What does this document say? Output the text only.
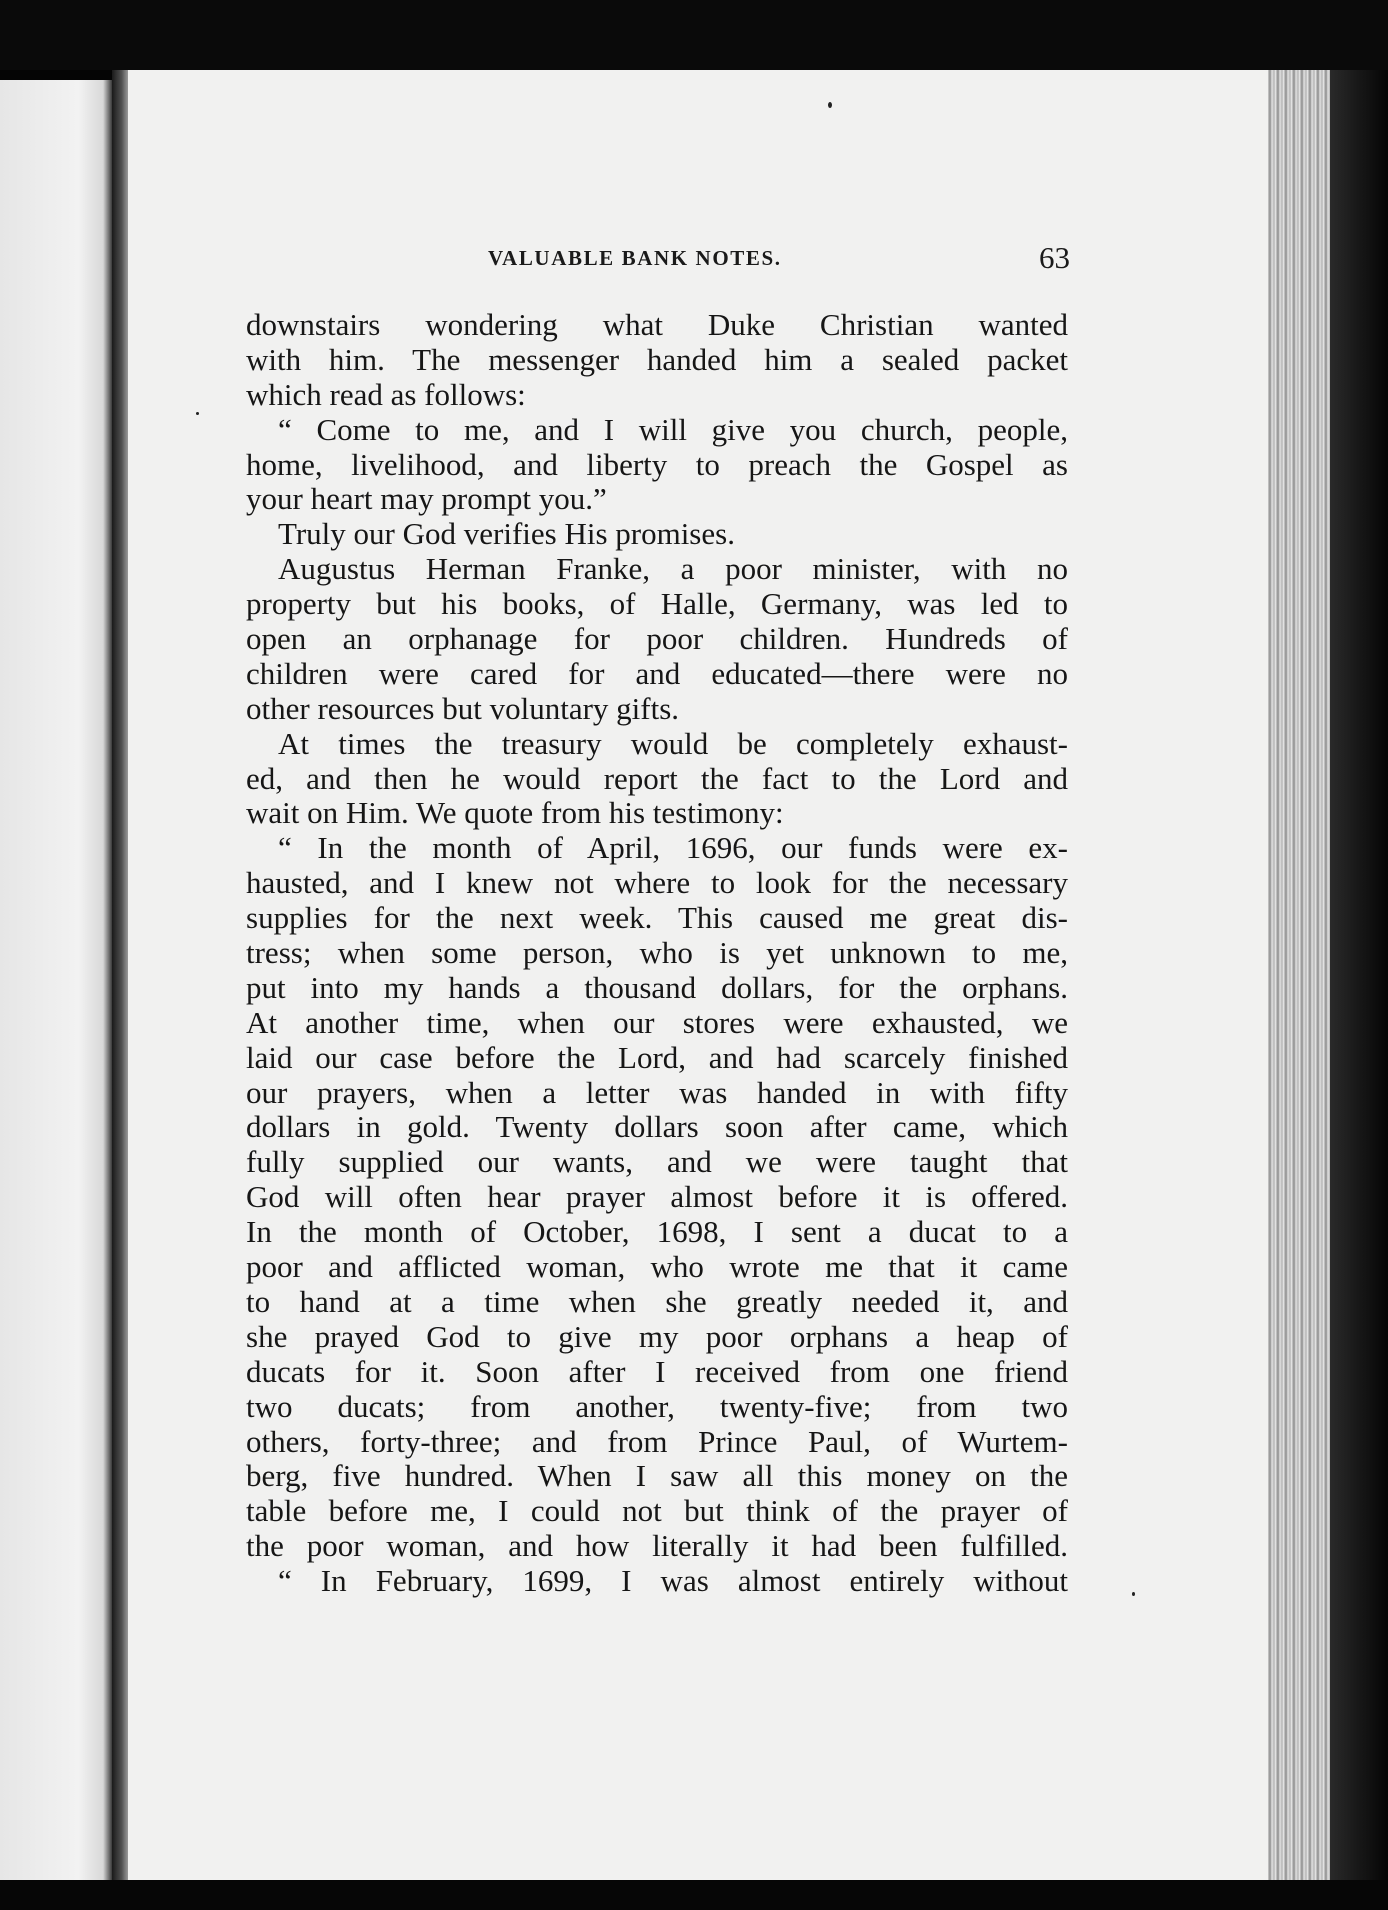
VALUABLE BANK NOTES.	63
downstairs wondering what Duke Christian wanted
with him. The messenger handed him a sealed packet
which read as follows:
“ Come to me, and I will give you church, people,
home, livelihood, and liberty to preach the Gospel as
your heart may prompt you.”
Truly our God verifies His promises.
Augustus Herman Franke, a poor minister, with no
property but his books, of Halle, Germany, was led to
open an orphanage for poor children. Hundreds of
children were cared for and educated—there were no
other resources but voluntary gifts.
At times the treasury would be completely exhaust-
ed, and then he would report the fact to the Lord and
wait on Him. We quote from his testimony:
“ In the month of April, 1696, our funds were ex-
hausted, and I knew not where to look for the necessary
supplies for the next week. This caused me great dis-
tress; when some person, who is yet unknown to me,
put into my hands a thousand dollars, for the orphans.
At another time, when our stores were exhausted, we
laid our case before the Lord, and had scarcely finished
our prayers, when a letter was handed in with fifty
dollars in gold. Twenty dollars soon after came, which
fully supplied our wants, and we were taught that
God will often hear prayer almost before it is offered.
In the month of October, 1698, I sent a ducat to a
poor and afflicted woman, who wrote me that it came
to hand at a time when she greatly needed it, and
she prayed God to give my poor orphans a heap of
ducats for it. Soon after I received from one friend
two ducats; from another, twenty-five; from two
others, forty-three; and from Prince Paul, of Wurtem-
berg, five hundred. When I saw all this money on the
table before me, I could not but think of the prayer of
the poor woman, and how literally it had been fulfilled.
“ In February, 1699, I was almost entirely without
